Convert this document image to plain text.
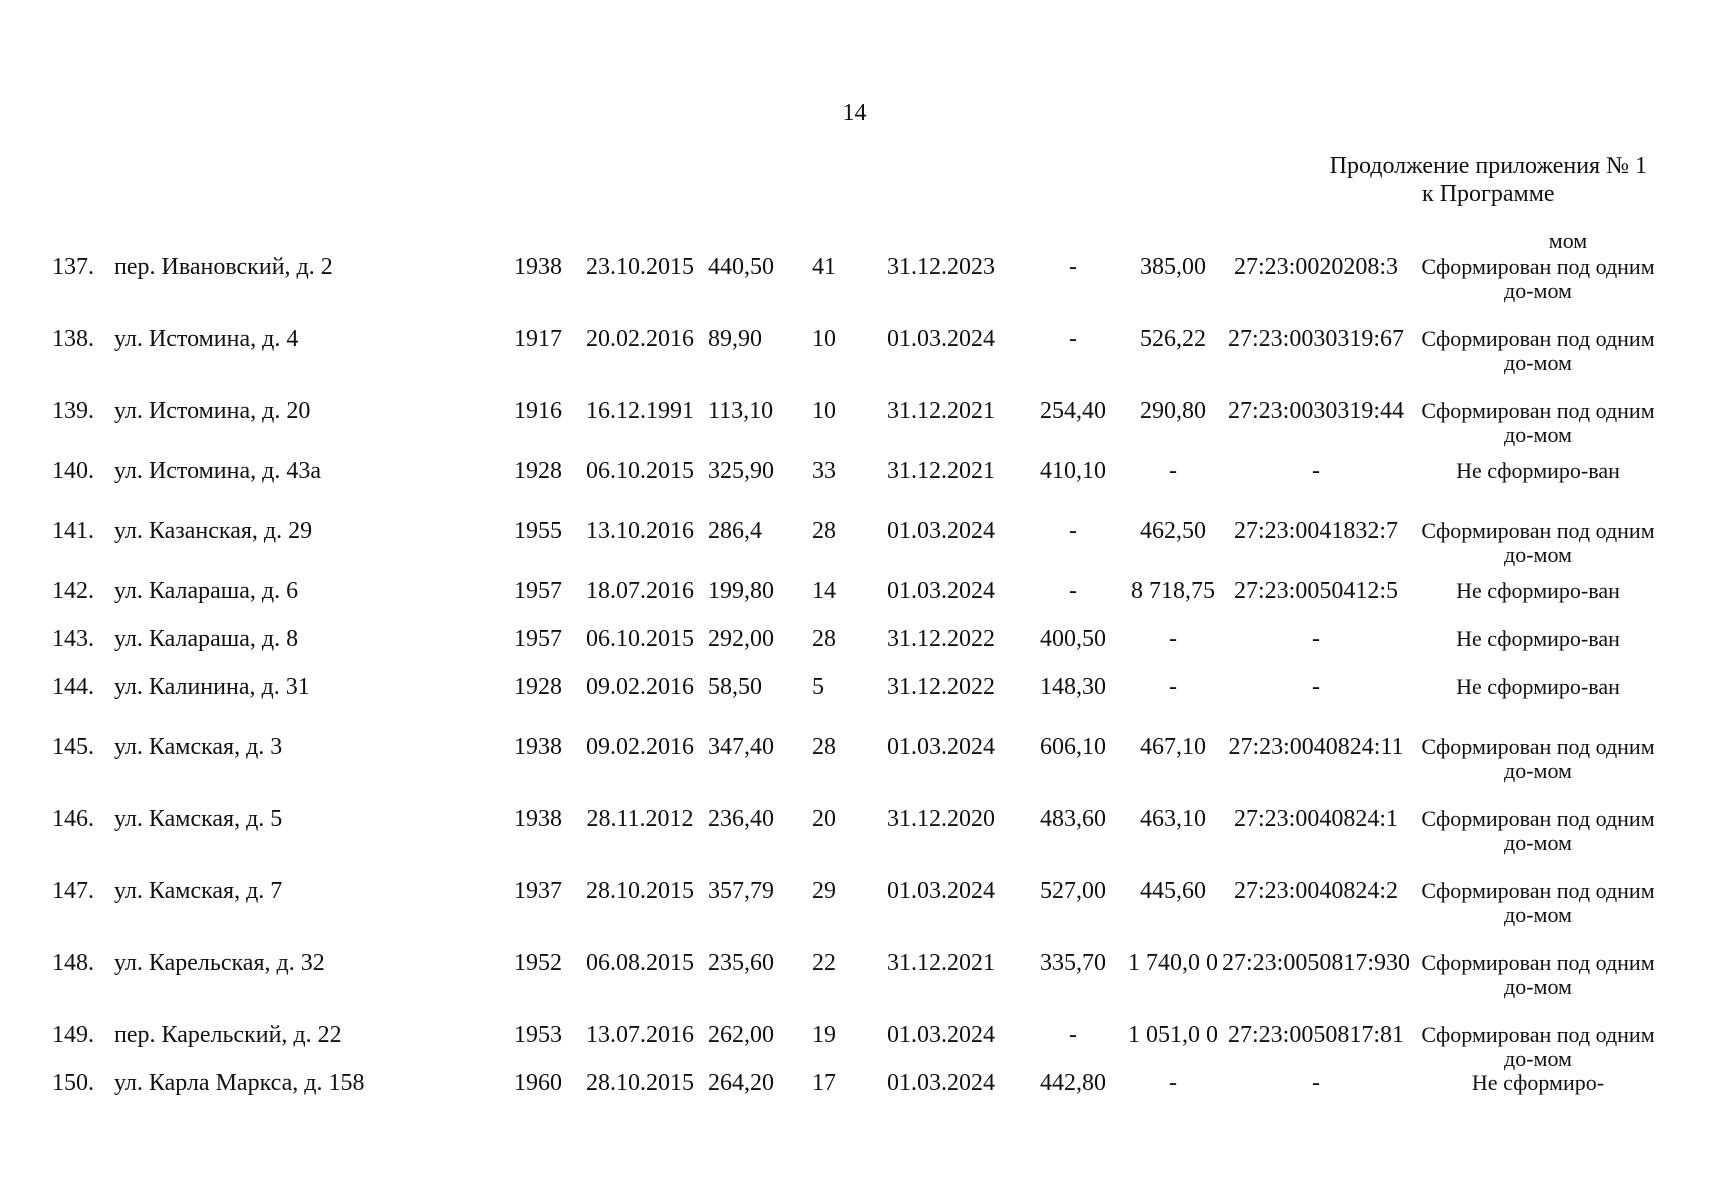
14
Продолжение приложения № 1
к Программе
мом
137.	пер. Ивановский, д. 2	1938	23.10.2015	440,50	41	31.12.2023	-	385,00	27:23:0020208:3	Сформирован под одним до-мом
138.	ул. Истомина, д. 4	1917	20.02.2016	89,90	10	01.03.2024	-	526,22	27:23:0030319:67	Сформирован под одним до-мом
139.	ул. Истомина, д. 20	1916	16.12.1991	113,10	10	31.12.2021	254,40	290,80	27:23:0030319:44	Сформирован под одним до-мом
140.	ул. Истомина, д. 43а	1928	06.10.2015	325,90	33	31.12.2021	410,10	-	-	Не сформиро-ван
141.	ул. Казанская, д. 29	1955	13.10.2016	286,4	28	01.03.2024	-	462,50	27:23:0041832:7	Сформирован под одним до-мом
142.	ул. Калараша, д. 6	1957	18.07.2016	199,80	14	01.03.2024	-	8 718,75	27:23:0050412:5	Не сформиро-ван
143.	ул. Калараша, д. 8	1957	06.10.2015	292,00	28	31.12.2022	400,50	-	-	Не сформиро-ван
144.	ул. Калинина, д. 31	1928	09.02.2016	58,50	5	31.12.2022	148,30	-	-	Не сформиро-ван
145.	ул. Камская, д. 3	1938	09.02.2016	347,40	28	01.03.2024	606,10	467,10	27:23:0040824:11	Сформирован под одним до-мом
146.	ул. Камская, д. 5	1938	28.11.2012	236,40	20	31.12.2020	483,60	463,10	27:23:0040824:1	Сформирован под одним до-мом
147.	ул. Камская, д. 7	1937	28.10.2015	357,79	29	01.03.2024	527,00	445,60	27:23:0040824:2	Сформирован под одним до-мом
148.	ул. Карельская, д. 32	1952	06.08.2015	235,60	22	31.12.2021	335,70	1 740,0 0	27:23:0050817:930	Сформирован под одним до-мом
149.	пер. Карельский, д. 22	1953	13.07.2016	262,00	19	01.03.2024	-	1 051,0 0	27:23:0050817:81	Сформирован под одним до-мом
150.	ул. Карла Маркса, д. 158	1960	28.10.2015	264,20	17	01.03.2024	442,80	-	-	Не сформиро-
